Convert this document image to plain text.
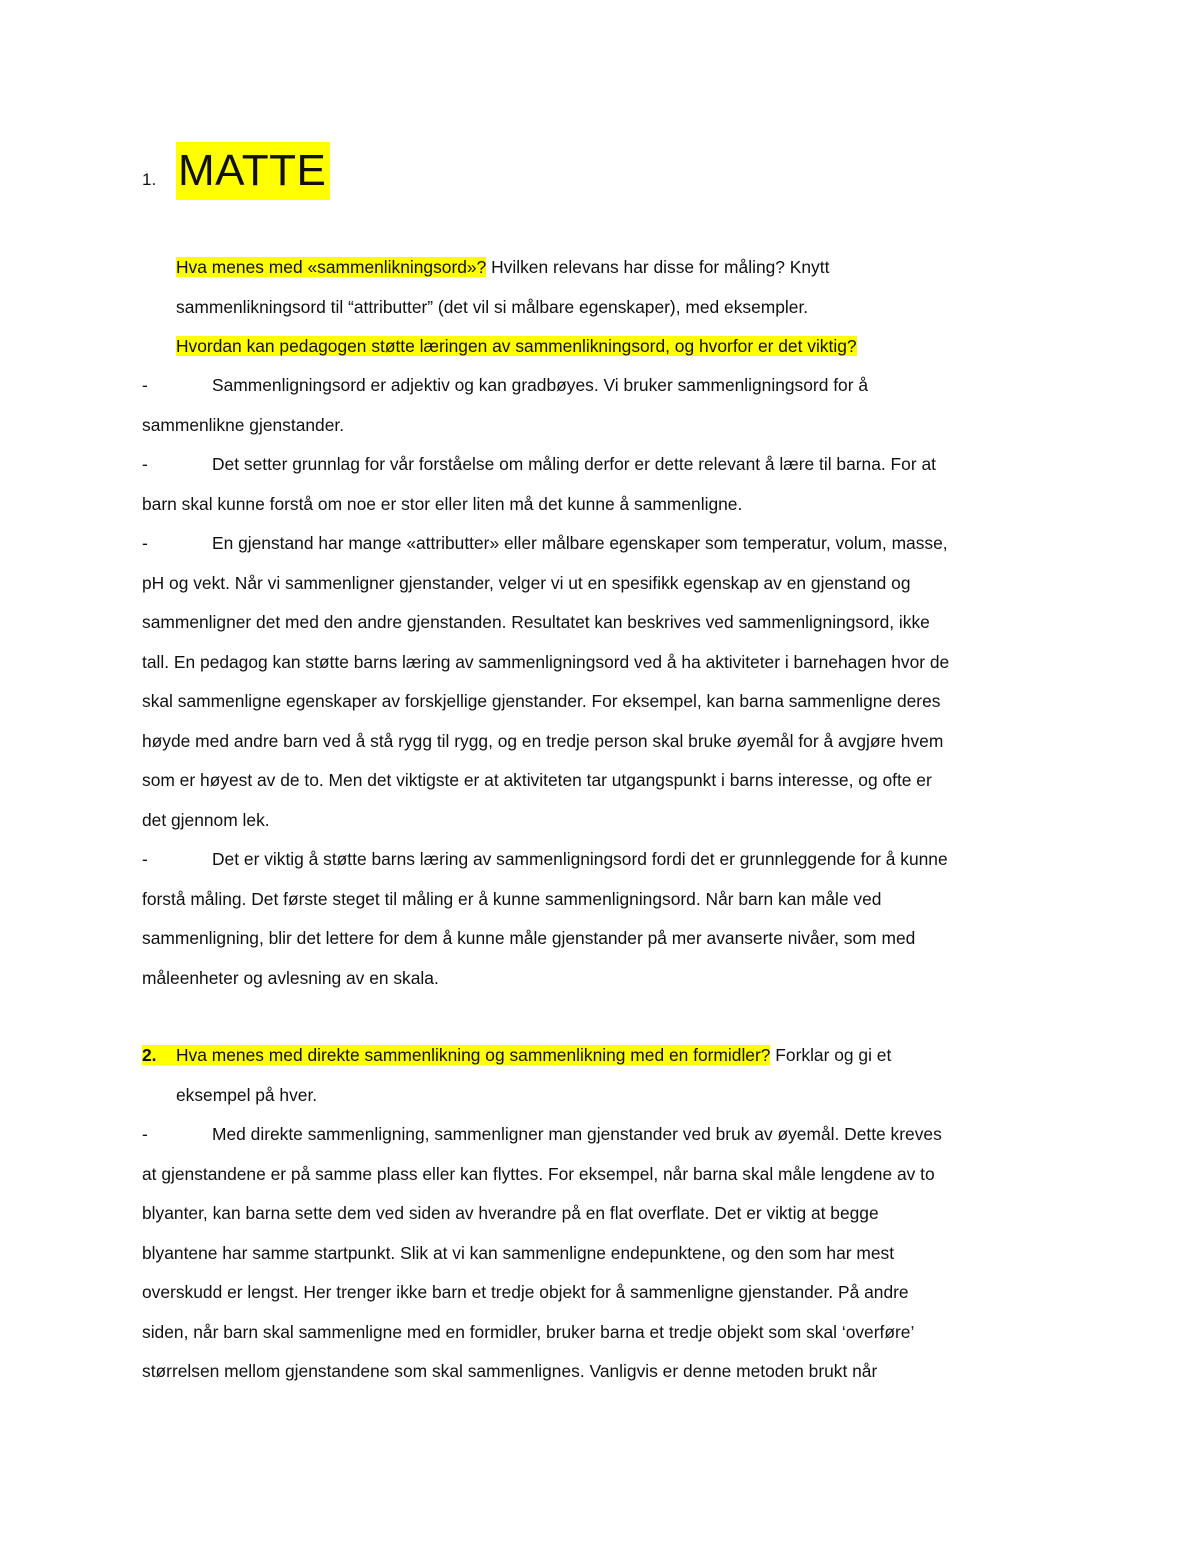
1. MATTE
Hva menes med «sammenlikningsord»? Hvilken relevans har disse for måling? Knytt
sammenlikningsord til “attributter” (det vil si målbare egenskaper), med eksempler.
Hvordan kan pedagogen støtte læringen av sammenlikningsord, og hvorfor er det viktig?
-	Sammenligningsord er adjektiv og kan gradbøyes. Vi bruker sammenligningsord for å
sammenlikne gjenstander.
-	Det setter grunnlag for vår forståelse om måling derfor er dette relevant å lære til barna. For at
barn skal kunne forstå om noe er stor eller liten må det kunne å sammenligne.
-	En gjenstand har mange «attributter» eller målbare egenskaper som temperatur, volum, masse,
pH og vekt. Når vi sammenligner gjenstander, velger vi ut en spesifikk egenskap av en gjenstand og
sammenligner det med den andre gjenstanden. Resultatet kan beskrives ved sammenligningsord, ikke
tall. En pedagog kan støtte barns læring av sammenligningsord ved å ha aktiviteter i barnehagen hvor de
skal sammenligne egenskaper av forskjellige gjenstander. For eksempel, kan barna sammenligne deres
høyde med andre barn ved å stå rygg til rygg, og en tredje person skal bruke øyemål for å avgjøre hvem
som er høyest av de to. Men det viktigste er at aktiviteten tar utgangspunkt i barns interesse, og ofte er
det gjennom lek.
-	Det er viktig å støtte barns læring av sammenligningsord fordi det er grunnleggende for å kunne
forstå måling. Det første steget til måling er å kunne sammenligningsord. Når barn kan måle ved
sammenligning, blir det lettere for dem å kunne måle gjenstander på mer avanserte nivåer, som med
måleenheter og avlesning av en skala.
2. Hva menes med direkte sammenlikning og sammenlikning med en formidler? Forklar og gi et
eksempel på hver.
-	Med direkte sammenligning, sammenligner man gjenstander ved bruk av øyemål. Dette kreves
at gjenstandene er på samme plass eller kan flyttes. For eksempel, når barna skal måle lengdene av to
blyanter, kan barna sette dem ved siden av hverandre på en flat overflate. Det er viktig at begge
blyantene har samme startpunkt. Slik at vi kan sammenligne endepunktene, og den som har mest
overskudd er lengst. Her trenger ikke barn et tredje objekt for å sammenligne gjenstander. På andre
siden, når barn skal sammenligne med en formidler, bruker barna et tredje objekt som skal ‘overføre’
størrelsen mellom gjenstandene som skal sammenlignes. Vanligvis er denne metoden brukt når
